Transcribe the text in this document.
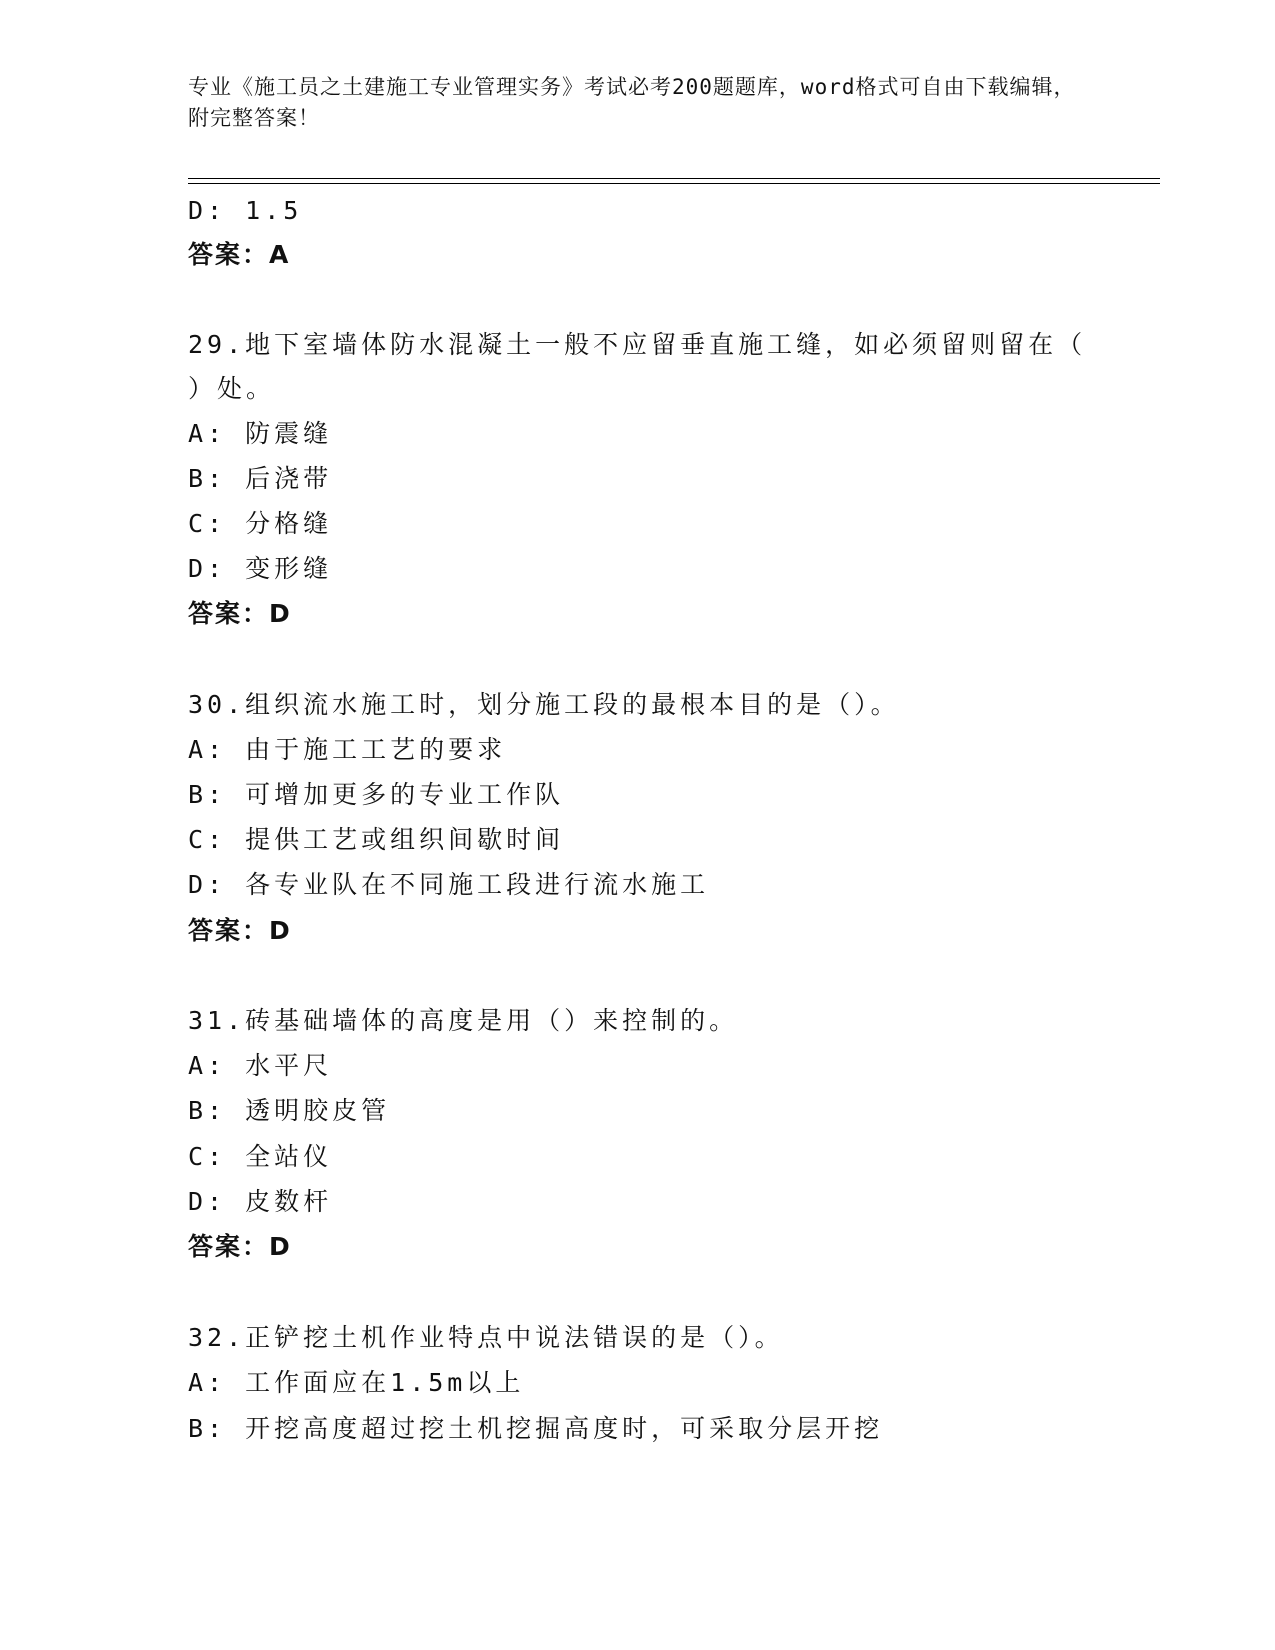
专业《施工员之土建施工专业管理实务》考试必考200题题库，word格式可自由下载编辑，附完整答案！
D: 1.5
答案：A
29.地下室墙体防水混凝土一般不应留垂直施工缝，如必须留则留在（
）处。
A: 防震缝
B: 后浇带
C: 分格缝
D: 变形缝
答案：D
30.组织流水施工时，划分施工段的最根本目的是（）。
A: 由于施工工艺的要求
B: 可增加更多的专业工作队
C: 提供工艺或组织间歇时间
D: 各专业队在不同施工段进行流水施工
答案：D
31.砖基础墙体的高度是用（）来控制的。
A: 水平尺
B: 透明胶皮管
C: 全站仪
D: 皮数杆
答案：D
32.正铲挖土机作业特点中说法错误的是（）。
A: 工作面应在1.5m以上
B: 开挖高度超过挖土机挖掘高度时，可采取分层开挖
